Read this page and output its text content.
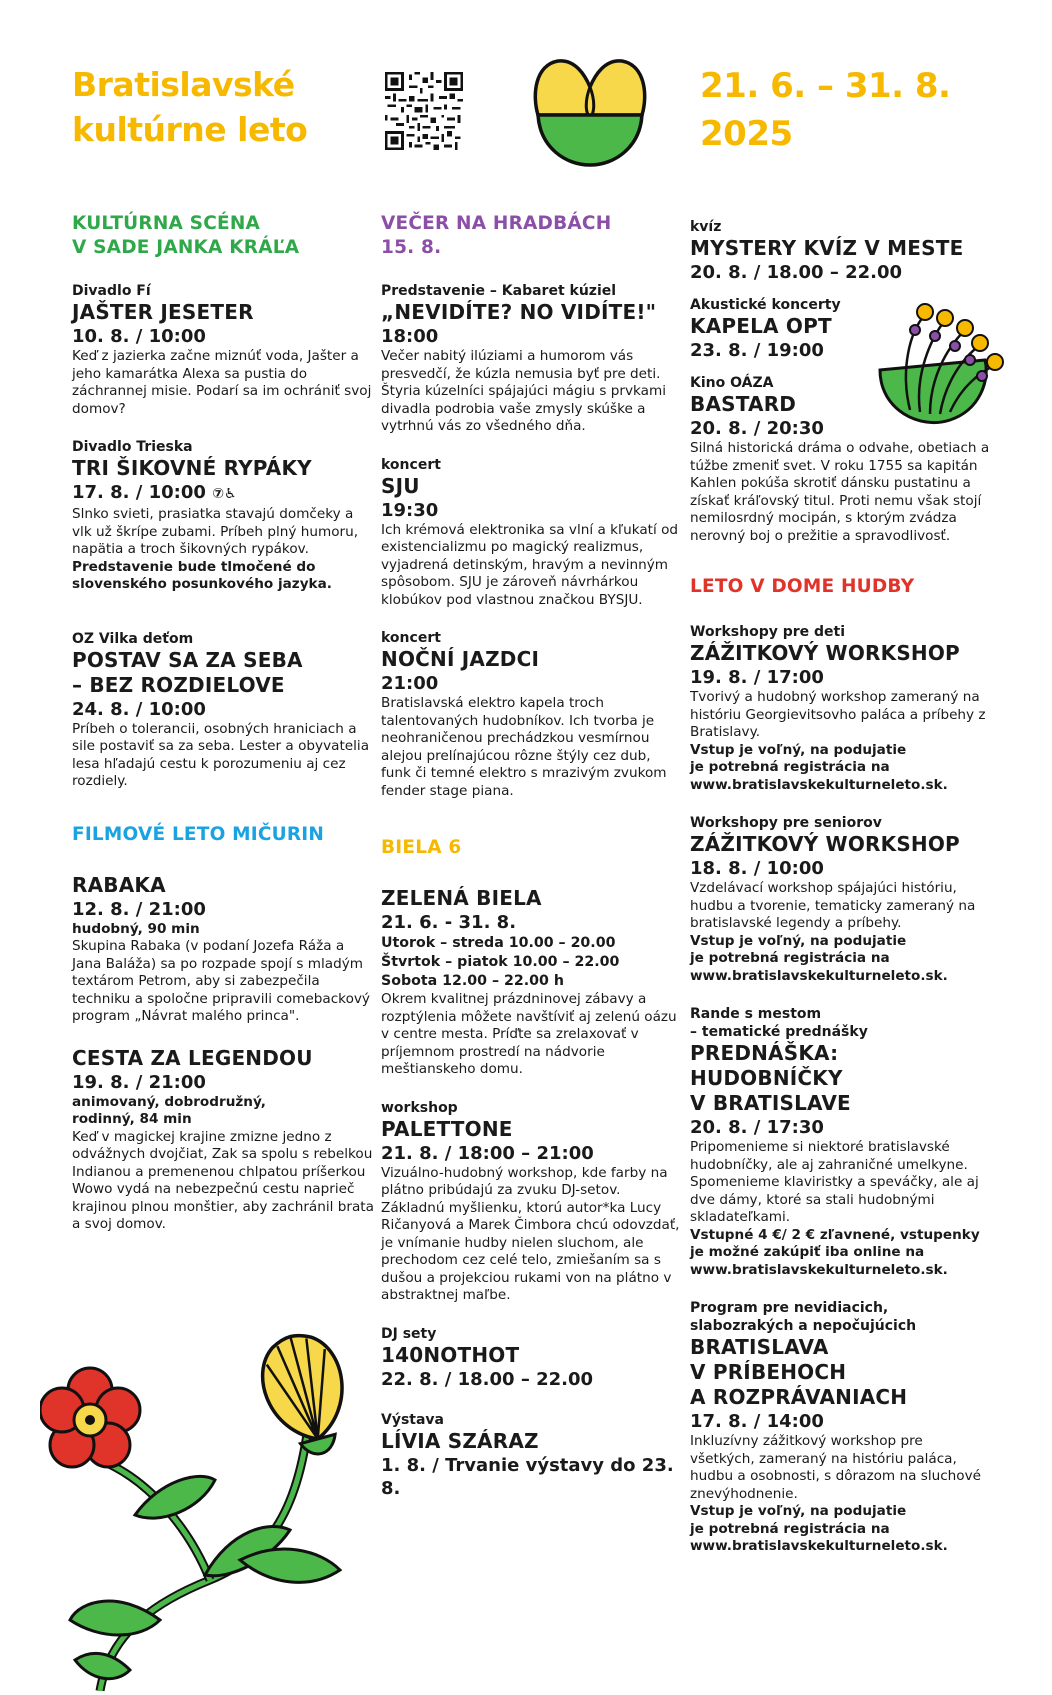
Bratislavské
kultúrne leto
21. 6. – 31. 8.
2025
KULTÚRNA SCÉNA
V SADE JANKA KRÁĽA
Divadlo Fí
JAŠTER JESETER
10. 8. / 10:00
Keď z jazierka začne miznúť voda, Jašter a jeho kamarátka Alexa sa pustia do záchrannej misie. Podarí sa im ochrániť svoj domov?
Divadlo Trieska
TRI ŠIKOVNÉ RYPÁKY
17. 8. / 10:00 ⑦♿
Slnko svieti, prasiatka stavajú domčeky a vlk už škrípe zubami. Príbeh plný humoru, napätia a troch šikovných rypákov.
Predstavenie bude tlmočené do slovenského posunkového jazyka.
OZ Vilka deťom
POSTAV SA ZA SEBA
– BEZ ROZDIELOVE
24. 8. / 10:00
Príbeh o tolerancii, osobných hraniciach a sile postaviť sa za seba. Lester a obyvatelia lesa hľadajú cestu k porozumeniu aj cez rozdiely.
FILMOVÉ LETO MIČURIN
RABAKA
12. 8. / 21:00
hudobný, 90 min
Skupina Rabaka (v podaní Jozefa Ráža a Jana Baláža) sa po rozpade spojí s mladým textárom Petrom, aby si zabezpečila techniku a spoločne pripravili comebackový program „Návrat malého princa".
CESTA ZA LEGENDOU
19. 8. / 21:00
animovaný, dobrodružný,
rodinný, 84 min
Keď v magickej krajine zmizne jedno z odvážnych dvojčiat, Zak sa spolu s rebelkou Indianou a premenenou chlpatou príšerkou Wowo vydá na nebezpečnú cestu naprieč krajinou plnou monštier, aby zachránil brata a svoj domov.
VEČER NA HRADBÁCH
15. 8.
Predstavenie – Kabaret kúziel
„NEVIDÍTE? NO VIDÍTE!"
18:00
Večer nabitý ilúziami a humorom vás presvedčí, že kúzla nemusia byť pre deti. Štyria kúzelníci spájajúci mágiu s prvkami divadla podrobia vaše zmysly skúške a vytrhnú vás zo všedného dňa.
koncert
SJU
19:30
Ich krémová elektronika sa vlní a kľukatí od existencializmu po magický realizmus, vyjadrená detinským, hravým a nevinným spôsobom. SJU je zároveň návrhárkou klobúkov pod vlastnou značkou BYSJU.
koncert
NOČNÍ JAZDCI
21:00
Bratislavská elektro kapela troch talentovaných hudobníkov. Ich tvorba je neohraničenou prechádzkou vesmírnou alejou prelínajúcou rôzne štýly cez dub, funk či temné elektro s mrazivým zvukom fender stage piana.
BIELA 6
ZELENÁ BIELA
21. 6. - 31. 8.
Utorok – streda 10.00 – 20.00
Štvrtok – piatok 10.00 – 22.00
Sobota 12.00 – 22.00 h
Okrem kvalitnej prázdninovej zábavy a rozptýlenia môžete navštíviť aj zelenú oázu v centre mesta. Príďte sa zrelaxovať v príjemnom prostredí na nádvorie meštianskeho domu.
workshop
PALETTONE
21. 8. / 18:00 – 21:00
Vizuálno-hudobný workshop, kde farby na plátno pribúdajú za zvuku DJ-setov. Základnú myšlienku, ktorú autor*ka Lucy Ričanyová a Marek Čimbora chcú odovzdať, je vnímanie hudby nielen sluchom, ale prechodom cez celé telo, zmiešaním sa s dušou a projekciou rukami von na plátno v abstraktnej maľbe.
DJ sety
140NOTHOT
22. 8. / 18.00 – 22.00
Výstava
LÍVIA SZÁRAZ
1. 8. / Trvanie výstavy do 23. 8.
kvíz
MYSTERY KVÍZ V MESTE
20. 8. / 18.00 – 22.00
Akustické koncerty
KAPELA OPT
23. 8. / 19:00
Kino OÁZA
BASTARD
20. 8. / 20:30
Silná historická dráma o odvahe, obetiach a túžbe zmeniť svet. V roku 1755 sa kapitán Kahlen pokúša skrotiť dánsku pustatinu a získať kráľovský titul. Proti nemu však stojí nemilosrdný mocipán, s ktorým zvádza nerovný boj o prežitie a spravodlivosť.
LETO V DOME HUDBY
Workshopy pre deti
ZÁŽITKOVÝ WORKSHOP
19. 8. / 17:00
Tvorivý a hudobný workshop zameraný na históriu Georgievitsovho paláca a príbehy z Bratislavy.
Vstup je voľný, na podujatie
je potrebná registrácia na
www.bratislavskekulturneleto.sk.
Workshopy pre seniorov
ZÁŽITKOVÝ WORKSHOP
18. 8. / 10:00
Vzdelávací workshop spájajúci históriu, hudbu a tvorenie, tematicky zameraný na bratislavské legendy a príbehy.
Vstup je voľný, na podujatie
je potrebná registrácia na
www.bratislavskekulturneleto.sk.
Rande s mestom
– tematické prednášky
PREDNÁŠKA:
HUDOBNÍČKY
V BRATISLAVE
20. 8. / 17:30
Pripomenieme si niektoré bratislavské hudobníčky, ale aj zahraničné umelkyne. Spomenieme klaviristky a speváčky, ale aj dve dámy, ktoré sa stali hudobnými skladateľkami.
Vstupné 4 €/ 2 € zľavnené, vstupenky
je možné zakúpiť iba online na
www.bratislavskekulturneleto.sk.
Program pre nevidiacich,
slabozrakých a nepočujúcich
BRATISLAVA
V PRÍBEHOCH
A ROZPRÁVANIACH
17. 8. / 14:00
Inkluzívny zážitkový workshop pre všetkých, zameraný na históriu paláca, hudbu a osobnosti, s dôrazom na sluchové znevýhodnenie.
Vstup je voľný, na podujatie
je potrebná registrácia na
www.bratislavskekulturneleto.sk.
